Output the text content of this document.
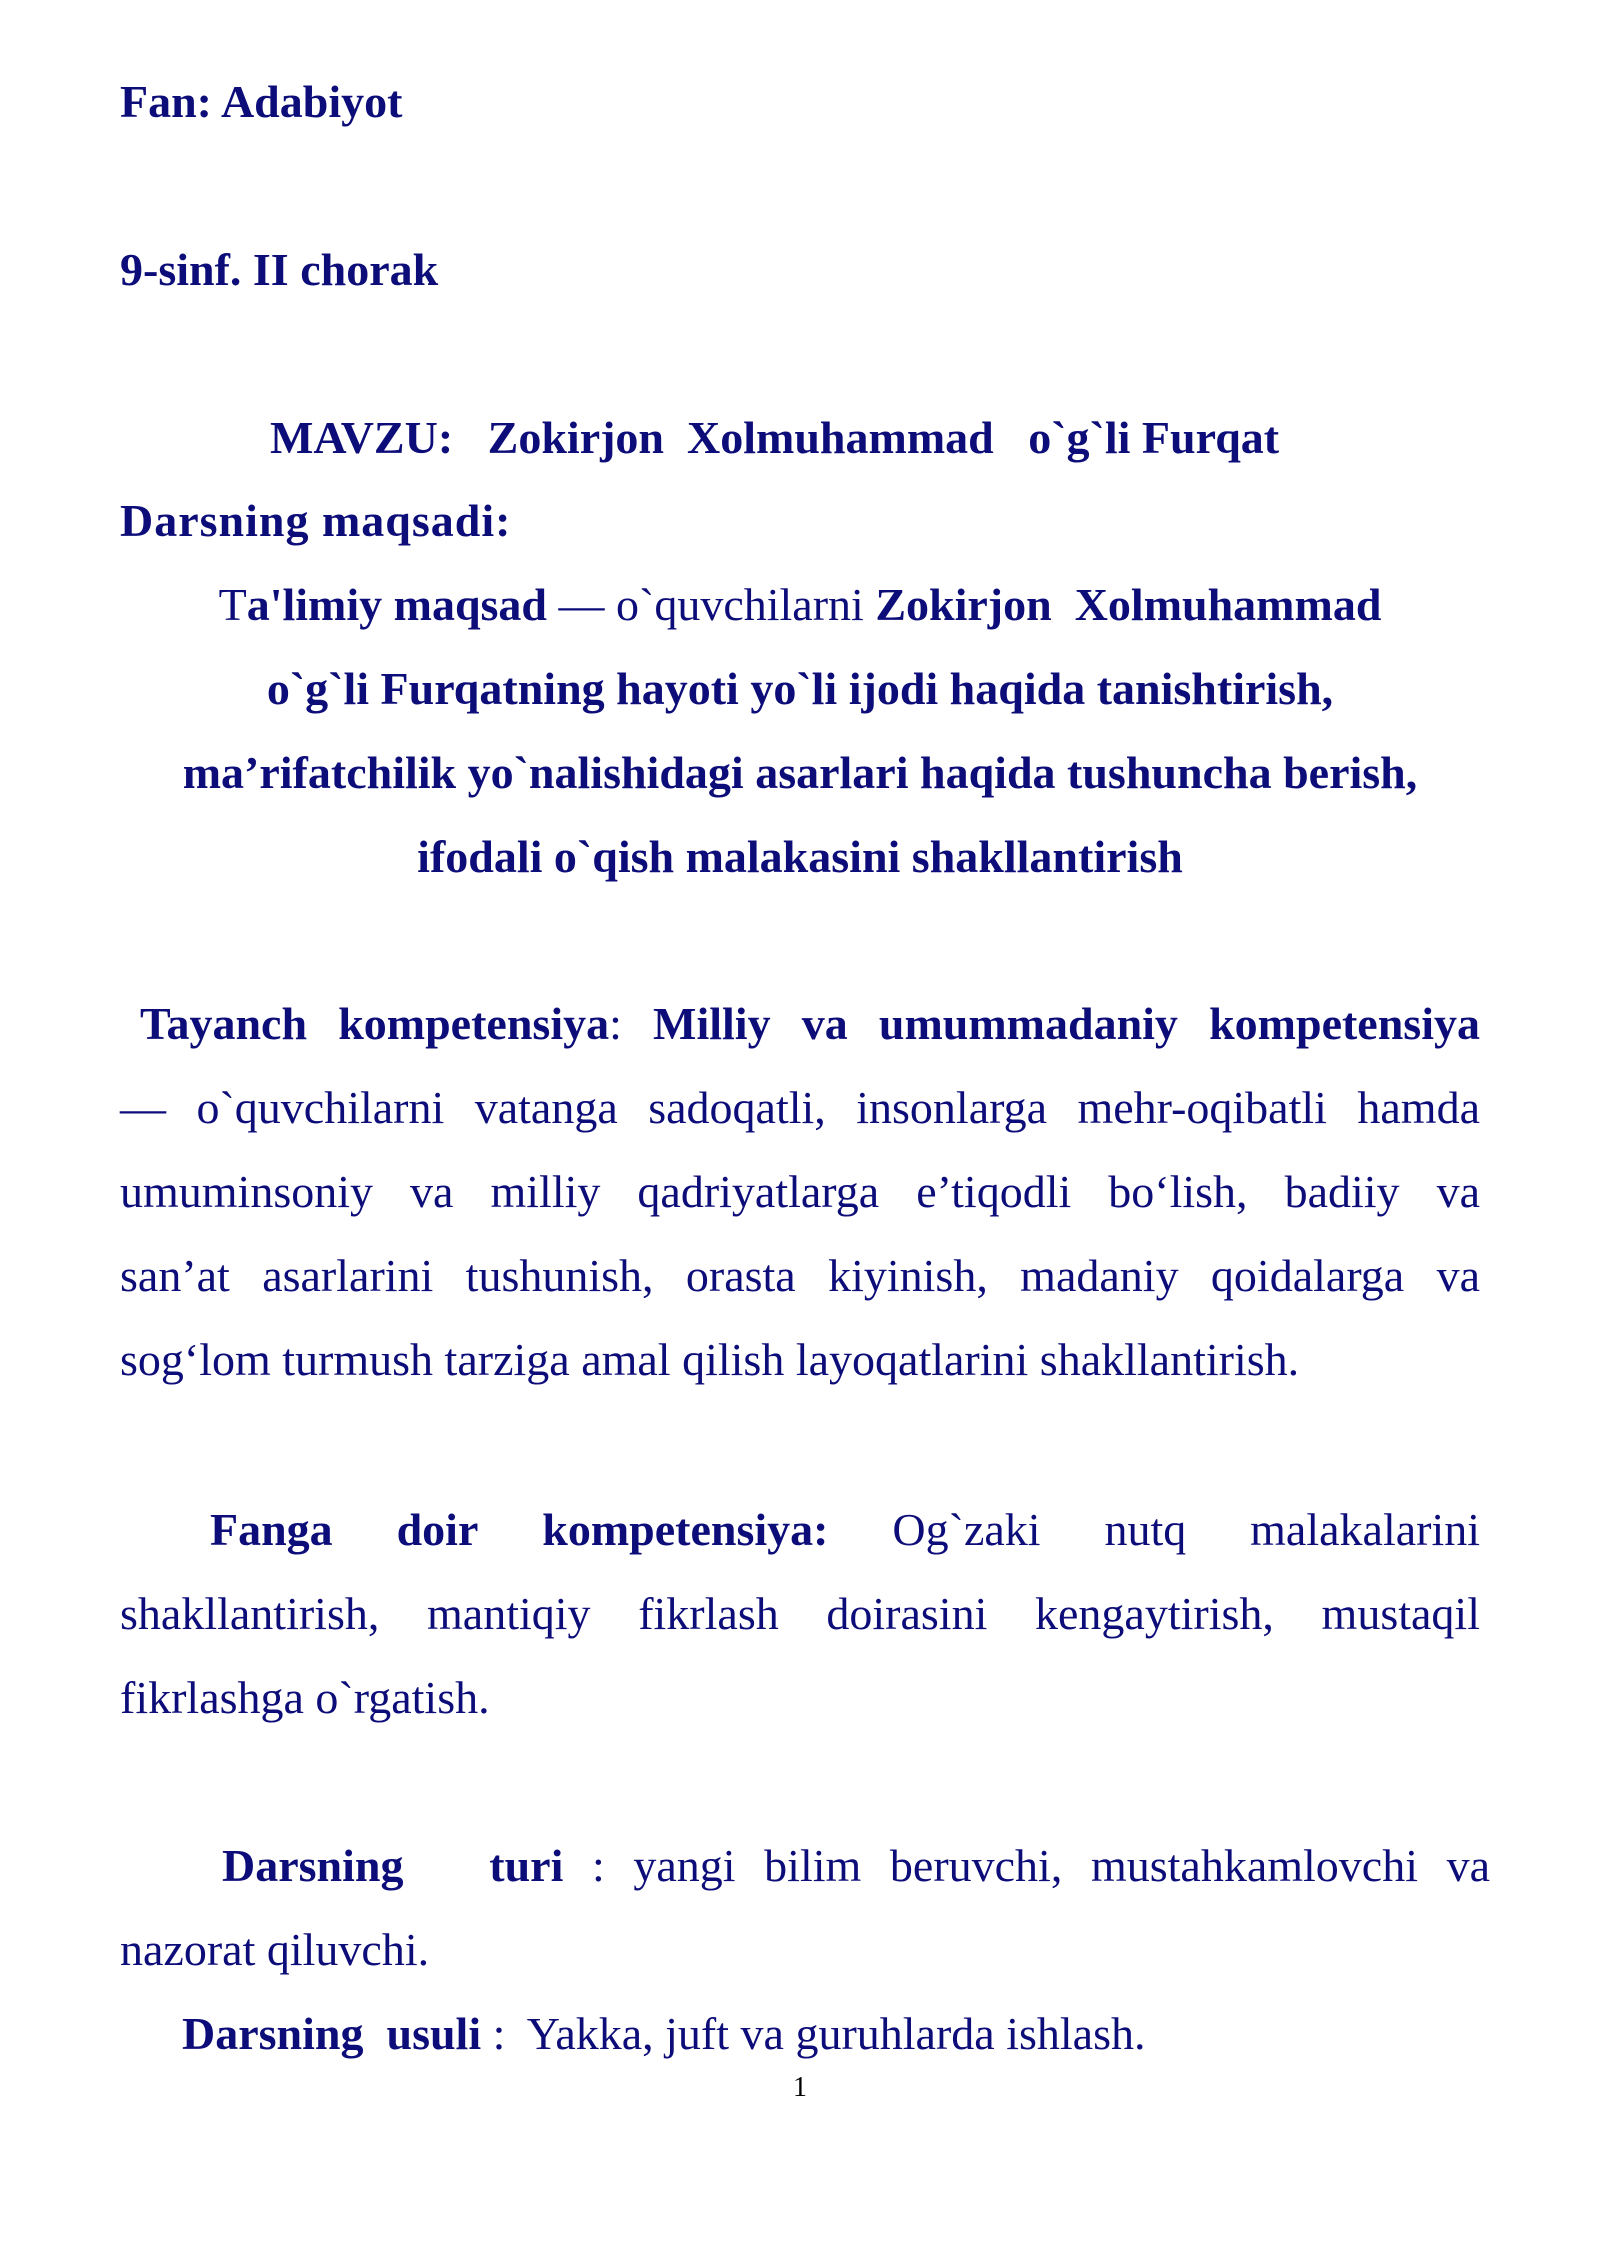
Fan: Adabiyot
9-sinf. II chorak
MAVZU: Zokirjon  Xolmuhammad   o`g`li Furqat
Darsning maqsadi:
Ta'limiy maqsad — o`quvchilarni Zokirjon  Xolmuhammad
o`g`li Furqatning hayoti yo`li ijodi haqida tanishtirish,
ma’rifatchilik yo`nalishidagi asarlari haqida tushuncha berish,
ifodali o`qish malakasini shakllantirish
Tayanch kompetensiya: Milliy va umummadaniy kompetensiya
— o`quvchilarni vatanga sadoqatli, insonlarga mehr-oqibatli hamda
umuminsoniy va milliy qadriyatlarga e’tiqodli bo‘lish, badiiy va
san’at asarlarini tushunish, orasta kiyinish, madaniy qoidalarga va
sog‘lom turmush tarziga amal qilish layoqatlarini shakllantirish.
Fanga doir kompetensiya: Og`zaki nutq malakalarini
shakllantirish, mantiqiy fikrlash doirasini kengaytirish, mustaqil
fikrlashga o`rgatish.
Darsning   turi : yangi bilim beruvchi, mustahkamlovchi va
nazorat qiluvchi.
Darsning  usuli : Yakka, juft va guruhlarda ishlash.
1
